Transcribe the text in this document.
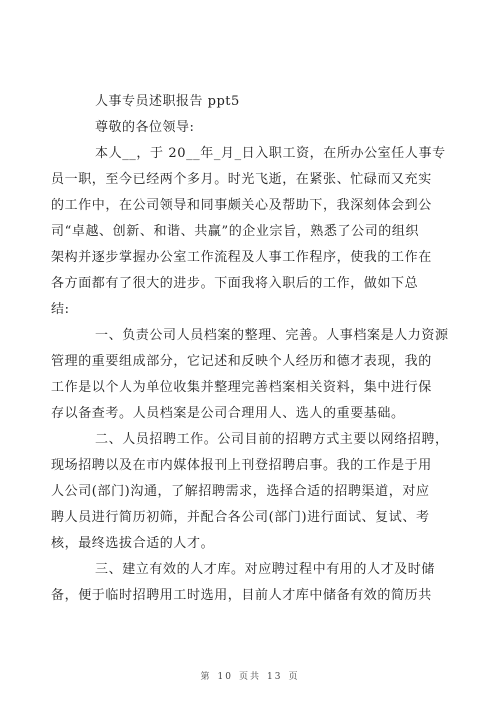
人事专员述职报告 ppt5

尊敬的各位领导:

本人__，于 20__年_月_日入职工资，在所办公室任人事专
员一职，至今已经两个多月。时光飞逝，在紧张、忙碌而又充实
的工作中，在公司领导和同事颇关心及帮助下，我深刻体会到公
司“卓越、创新、和谐、共赢”的企业宗旨，熟悉了公司的组织
架构并逐步掌握办公室工作流程及人事工作程序，使我的工作在
各方面都有了很大的进步。下面我将入职后的工作，做如下总
结:
一、负责公司人员档案的整理、完善。人事档案是人力资源
管理的重要组成部分，它记述和反映个人经历和德才表现，我的
工作是以个人为单位收集并整理完善档案相关资料，集中进行保
存以备查考。人员档案是公司合理用人、选人的重要基础。
二、人员招聘工作。公司目前的招聘方式主要以网络招聘，
现场招聘以及在市内媒体报刊上刊登招聘启事。我的工作是于用
人公司(部门)沟通，了解招聘需求，选择合适的招聘渠道，对应
聘人员进行简历初筛，并配合各公司(部门)进行面试、复试、考
核，最终选拔合适的人才。
三、建立有效的人才库。对应聘过程中有用的人才及时储
备，便于临时招聘用工时选用，目前人才库中储备有效的简历共
第 10 页共 13 页
